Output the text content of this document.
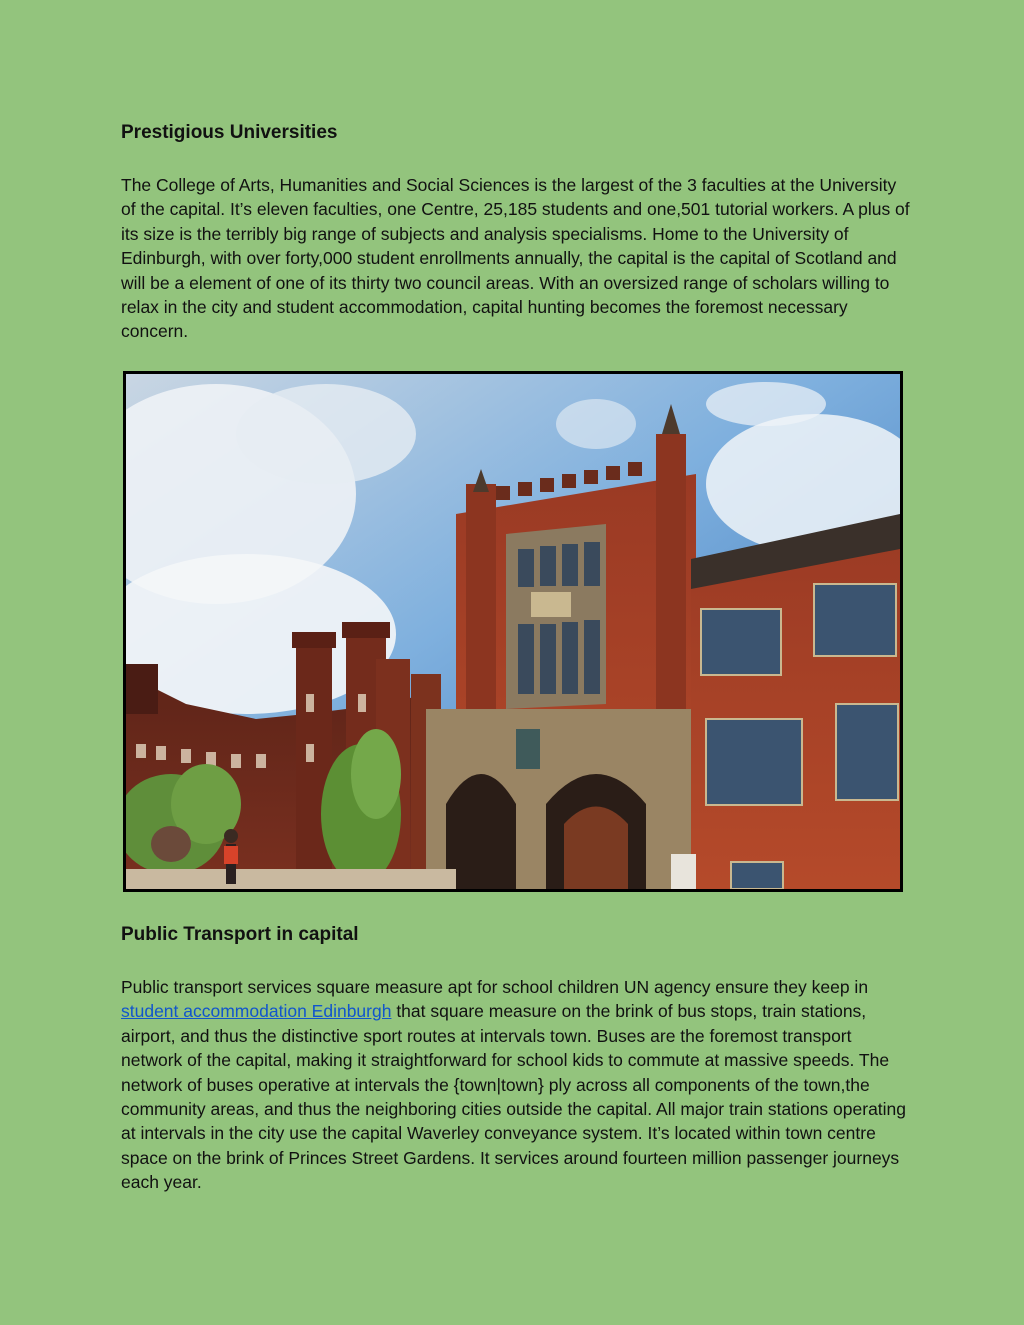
Prestigious Universities

The College of Arts, Humanities and Social Sciences is the largest of the 3 faculties at the University of the capital. It’s eleven faculties, one Centre, 25,185 students and one,501 tutorial workers. A plus of its size is the terribly big range of subjects and analysis specialisms. Home to the University of Edinburgh, with over forty,000 student enrollments annually, the capital is the capital of Scotland and will be a element of one of its thirty two council areas. With an oversized range of scholars willing to relax in the city and student accommodation, capital hunting becomes the foremost necessary concern.

Public Transport in capital

Public transport services square measure apt for school children UN agency ensure they keep in student accommodation Edinburgh that square measure on the brink of bus stops, train stations, airport, and thus the distinctive sport routes at intervals town. Buses are the foremost transport network of the capital, making it straightforward for school kids to commute at massive speeds. The network of buses operative at intervals the {town|town} ply across all components of the town,the community areas, and thus the neighboring cities outside the capital. All major train stations operating at intervals in the city use the capital Waverley conveyance system. It’s located within town centre space on the brink of Princes Street Gardens. It services around fourteen million passenger journeys each year.
